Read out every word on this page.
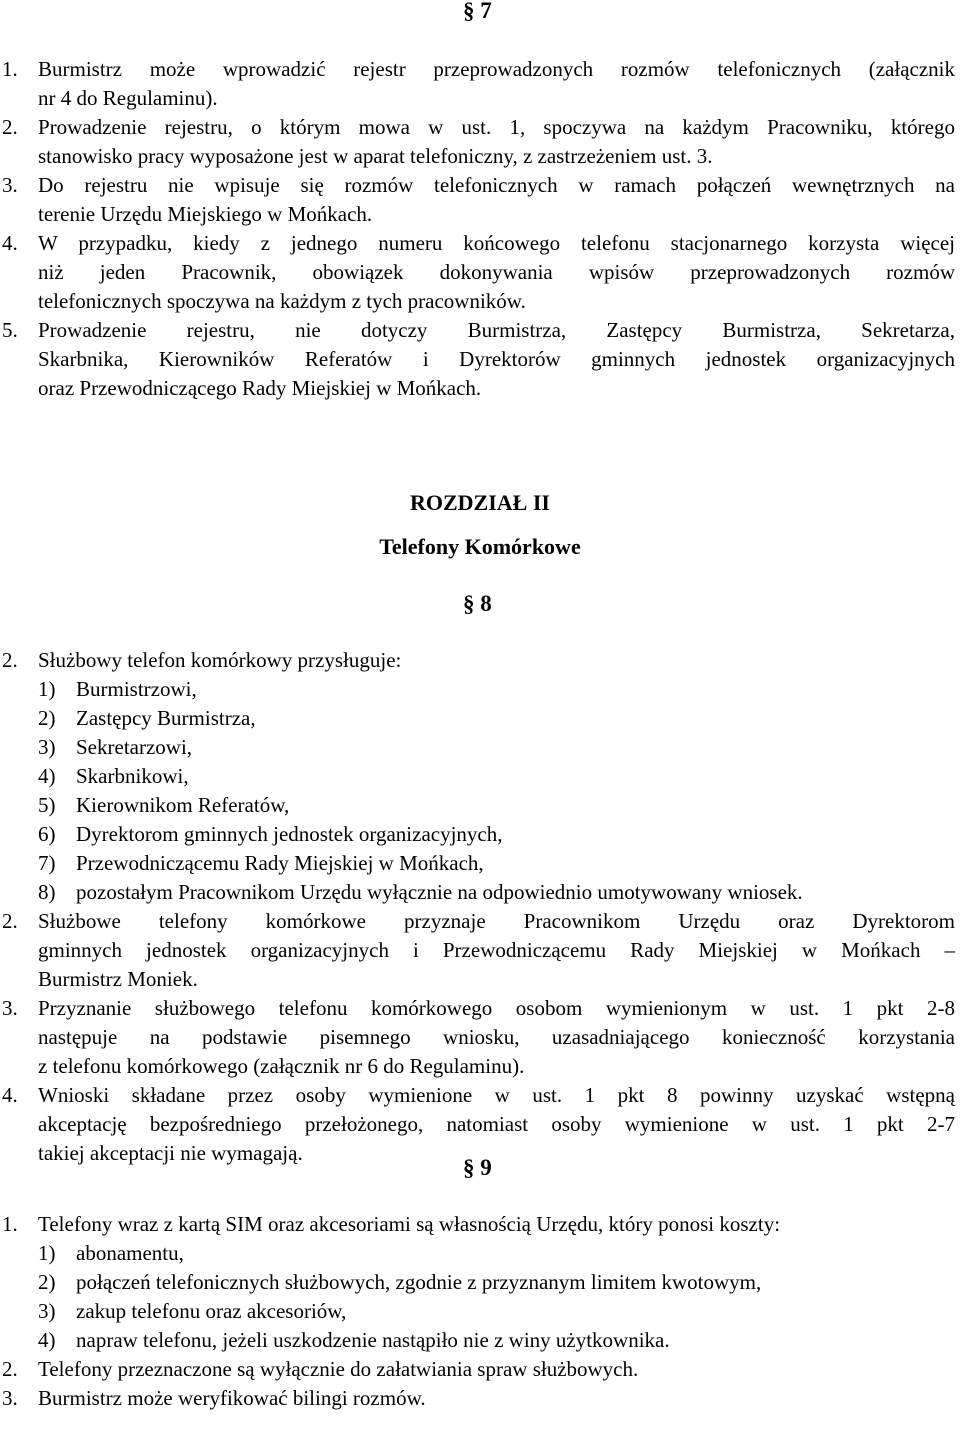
§ 7
1. Burmistrz może wprowadzić rejestr przeprowadzonych rozmów telefonicznych (załącznik
nr 4 do Regulaminu).
2. Prowadzenie rejestru, o którym mowa w ust. 1, spoczywa na każdym Pracowniku, którego
stanowisko pracy wyposażone jest w aparat telefoniczny, z zastrzeżeniem ust. 3.
3. Do rejestru nie wpisuje się rozmów telefonicznych w ramach połączeń wewnętrznych na
terenie Urzędu Miejskiego w Mońkach.
4. W przypadku, kiedy z jednego numeru końcowego telefonu stacjonarnego korzysta więcej
niż jeden Pracownik, obowiązek dokonywania wpisów przeprowadzonych rozmów
telefonicznych spoczywa na każdym z tych pracowników.
5. Prowadzenie rejestru, nie dotyczy Burmistrza, Zastępcy Burmistrza, Sekretarza,
Skarbnika, Kierowników Referatów i Dyrektorów gminnych jednostek organizacyjnych
oraz Przewodniczącego Rady Miejskiej w Mońkach.
ROZDZIAŁ II
Telefony Komórkowe
§ 8
2. Służbowy telefon komórkowy przysługuje:
1) Burmistrzowi,
2) Zastępcy Burmistrza,
3) Sekretarzowi,
4) Skarbnikowi,
5) Kierownikom Referatów,
6) Dyrektorom gminnych jednostek organizacyjnych,
7) Przewodniczącemu Rady Miejskiej w Mońkach,
8) pozostałym Pracownikom Urzędu wyłącznie na odpowiednio umotywowany wniosek.
2. Służbowe telefony komórkowe przyznaje Pracownikom Urzędu oraz Dyrektorom
gminnych jednostek organizacyjnych i Przewodniczącemu Rady Miejskiej w Mońkach –
Burmistrz Moniek.
3. Przyznanie służbowego telefonu komórkowego osobom wymienionym w ust. 1 pkt 2-8
następuje na podstawie pisemnego wniosku, uzasadniającego konieczność korzystania
z telefonu komórkowego (załącznik nr 6 do Regulaminu).
4. Wnioski składane przez osoby wymienione w ust. 1 pkt 8 powinny uzyskać wstępną
akceptację bezpośredniego przełożonego, natomiast osoby wymienione w ust. 1 pkt 2-7
takiej akceptacji nie wymagają.
§ 9
1. Telefony wraz z kartą SIM oraz akcesoriami są własnością Urzędu, który ponosi koszty:
1) abonamentu,
2) połączeń telefonicznych służbowych, zgodnie z przyznanym limitem kwotowym,
3) zakup telefonu oraz akcesoriów,
4) napraw telefonu, jeżeli uszkodzenie nastąpiło nie z winy użytkownika.
2. Telefony przeznaczone są wyłącznie do załatwiania spraw służbowych.
3. Burmistrz może weryfikować bilingi rozmów.
